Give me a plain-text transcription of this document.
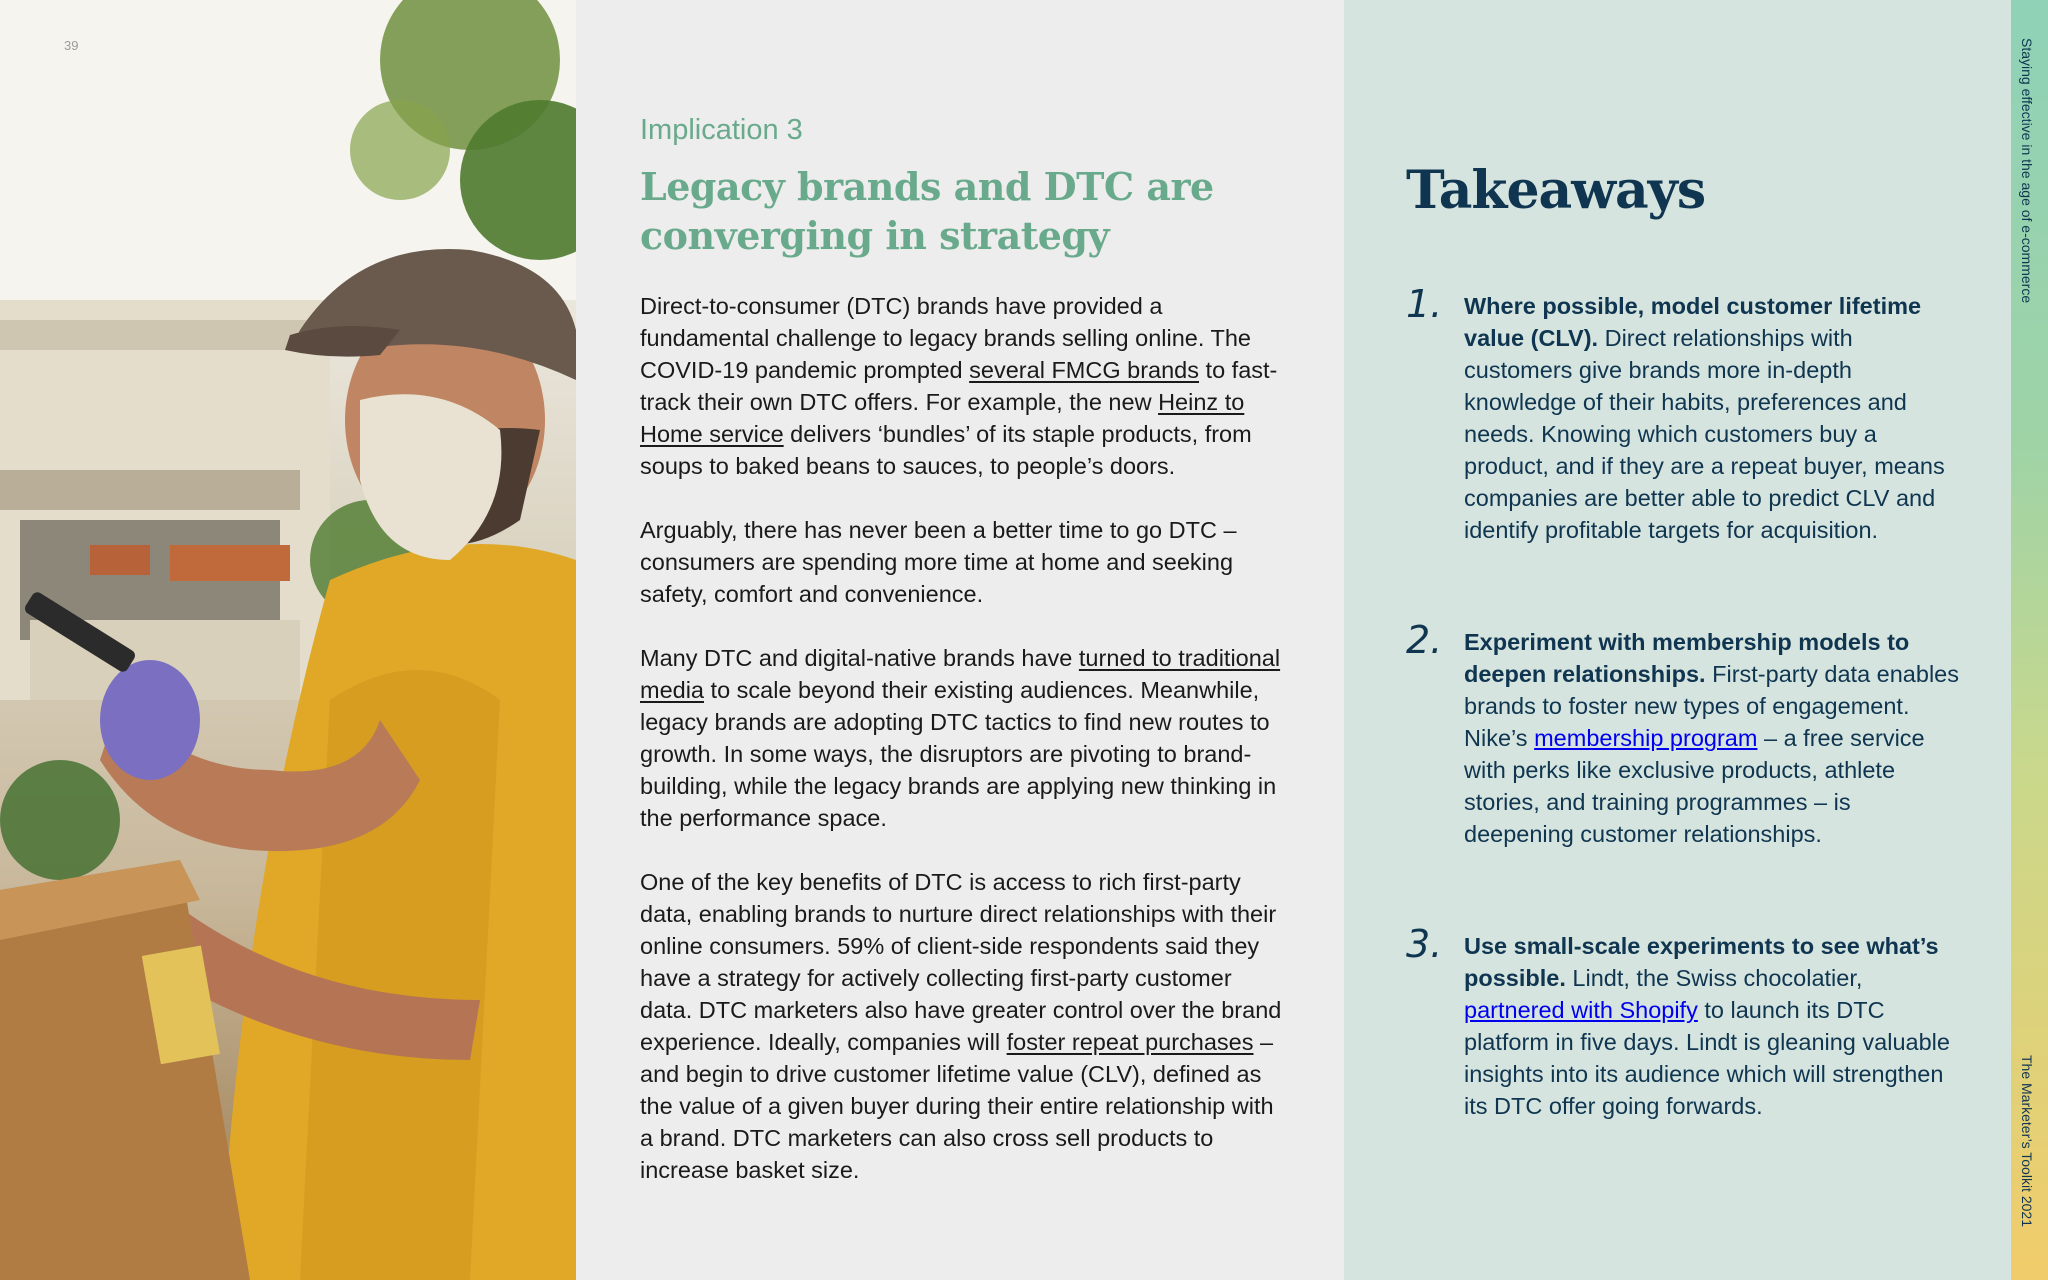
39
Implication 3
Legacy brands and DTC are converging in strategy

Direct-to-consumer (DTC) brands have provided a fundamental challenge to legacy brands selling online. The COVID-19 pandemic prompted several FMCG brands to fast-track their own DTC offers. For example, the new Heinz to Home service delivers ‘bundles’ of its staple products, from soups to baked beans to sauces, to people’s doors.

Arguably, there has never been a better time to go DTC – consumers are spending more time at home and seeking safety, comfort and convenience.

Many DTC and digital-native brands have turned to traditional media to scale beyond their existing audiences. Meanwhile, legacy brands are adopting DTC tactics to find new routes to growth. In some ways, the disruptors are pivoting to brand-building, while the legacy brands are applying new thinking in the performance space.

One of the key benefits of DTC is access to rich first-party data, enabling brands to nurture direct relationships with their online consumers. 59% of client-side respondents said they have a strategy for actively collecting first-party customer data. DTC marketers also have greater control over the brand experience. Ideally, companies will foster repeat purchases – and begin to drive customer lifetime value (CLV), defined as the value of a given buyer during their entire relationship with a brand. DTC marketers can also cross sell products to increase basket size.

Takeaways
1. Where possible, model customer lifetime value (CLV). Direct relationships with customers give brands more in-depth knowledge of their habits, preferences and needs. Knowing which customers buy a product, and if they are a repeat buyer, means companies are better able to predict CLV and identify profitable targets for acquisition.
2. Experiment with membership models to deepen relationships. First-party data enables brands to foster new types of engagement. Nike’s membership program – a free service with perks like exclusive products, athlete stories, and training programmes – is deepening customer relationships.
3. Use small-scale experiments to see what’s possible. Lindt, the Swiss chocolatier, partnered with Shopify to launch its DTC platform in five days. Lindt is gleaning valuable insights into its audience which will strengthen its DTC offer going forwards.
Staying effective in the age of e-commerce
The Marketer’s Toolkit 2021
